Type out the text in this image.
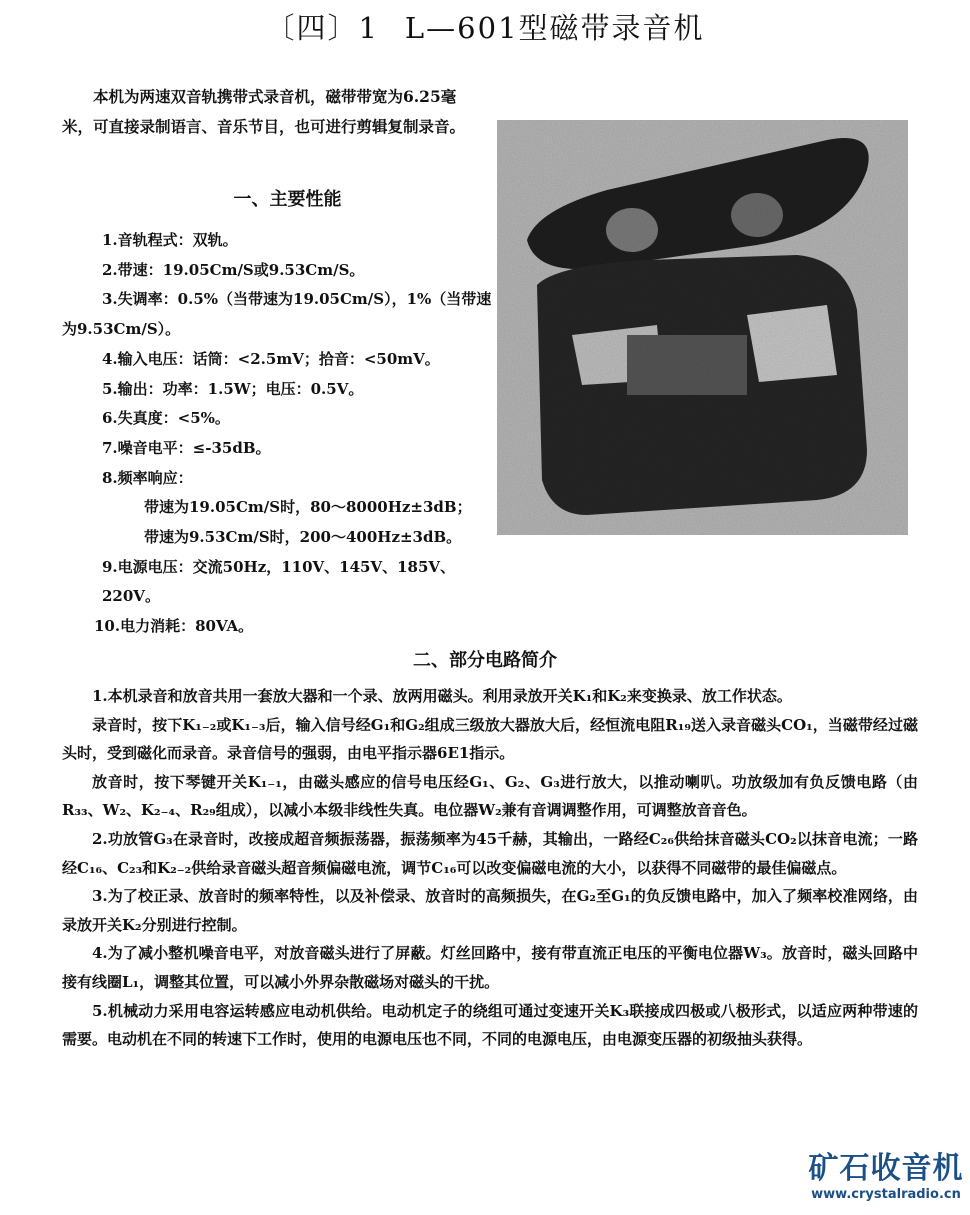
〔四〕1 L—601型磁带录音机
本机为两速双音轨携带式录音机，磁带带宽为6.25毫米，可直接录制语言、音乐节目，也可进行剪辑复制录音。
一、主要性能
1.音轨程式：双轨。
2.带速：19.05Cm/S或9.53Cm/S。
3.失调率：0.5%（当带速为19.05Cm/S），1%（当带速为9.53Cm/S）。
4.输入电压：话筒：<2.5mV；拾音：<50mV。
5.输出：功率：1.5W；电压：0.5V。
6.失真度：<5%。
7.噪音电平：≤-35dB。
8.频率响应：
带速为19.05Cm/S时，80～8000Hz±3dB；
带速为9.53Cm/S时，200～400Hz±3dB。
9.电源电压：交流50Hz，110V、145V、185V、220V。
10.电力消耗：80VA。
二、部分电路简介

1.本机录音和放音共用一套放大器和一个录、放两用磁头。利用录放开关K₁和K₂来变换录、放工作状态。

录音时，按下K₁₋₂或K₁₋₃后，输入信号经G₁和G₂组成三级放大器放大后，经恒流电阻R₁₉送入录音磁头CO₁，当磁带经过磁头时，受到磁化而录音。录音信号的强弱，由电平指示器6E1指示。

放音时，按下琴键开关K₁₋₁，由磁头感应的信号电压经G₁、G₂、G₃进行放大，以推动喇叭。功放级加有负反馈电路（由R₃₃、W₂、K₂₋₄、R₂₉组成），以减小本级非线性失真。电位器W₂兼有音调调整作用，可调整放音音色。

2.功放管G₃在录音时，改接成超音频振荡器，振荡频率为45千赫，其输出，一路经C₂₆供给抹音磁头CO₂以抹音电流；一路经C₁₆、C₂₃和K₂₋₂供给录音磁头超音频偏磁电流，调节C₁₆可以改变偏磁电流的大小，以获得不同磁带的最佳偏磁点。

3.为了校正录、放音时的频率特性，以及补偿录、放音时的高频损失，在G₂至G₁的负反馈电路中，加入了频率校准网络，由录放开关K₂分别进行控制。

4.为了减小整机噪音电平，对放音磁头进行了屏蔽。灯丝回路中，接有带直流正电压的平衡电位器W₃。放音时，磁头回路中接有线圈L₁，调整其位置，可以减小外界杂散磁场对磁头的干扰。

5.机械动力采用电容运转感应电动机供给。电动机定子的绕组可通过变速开关K₃联接成四极或八极形式，以适应两种带速的需要。电动机在不同的转速下工作时，使用的电源电压也不同，不同的电源电压，由电源变压器的初级抽头获得。

矿石收音机
www.crystalradio.cn
